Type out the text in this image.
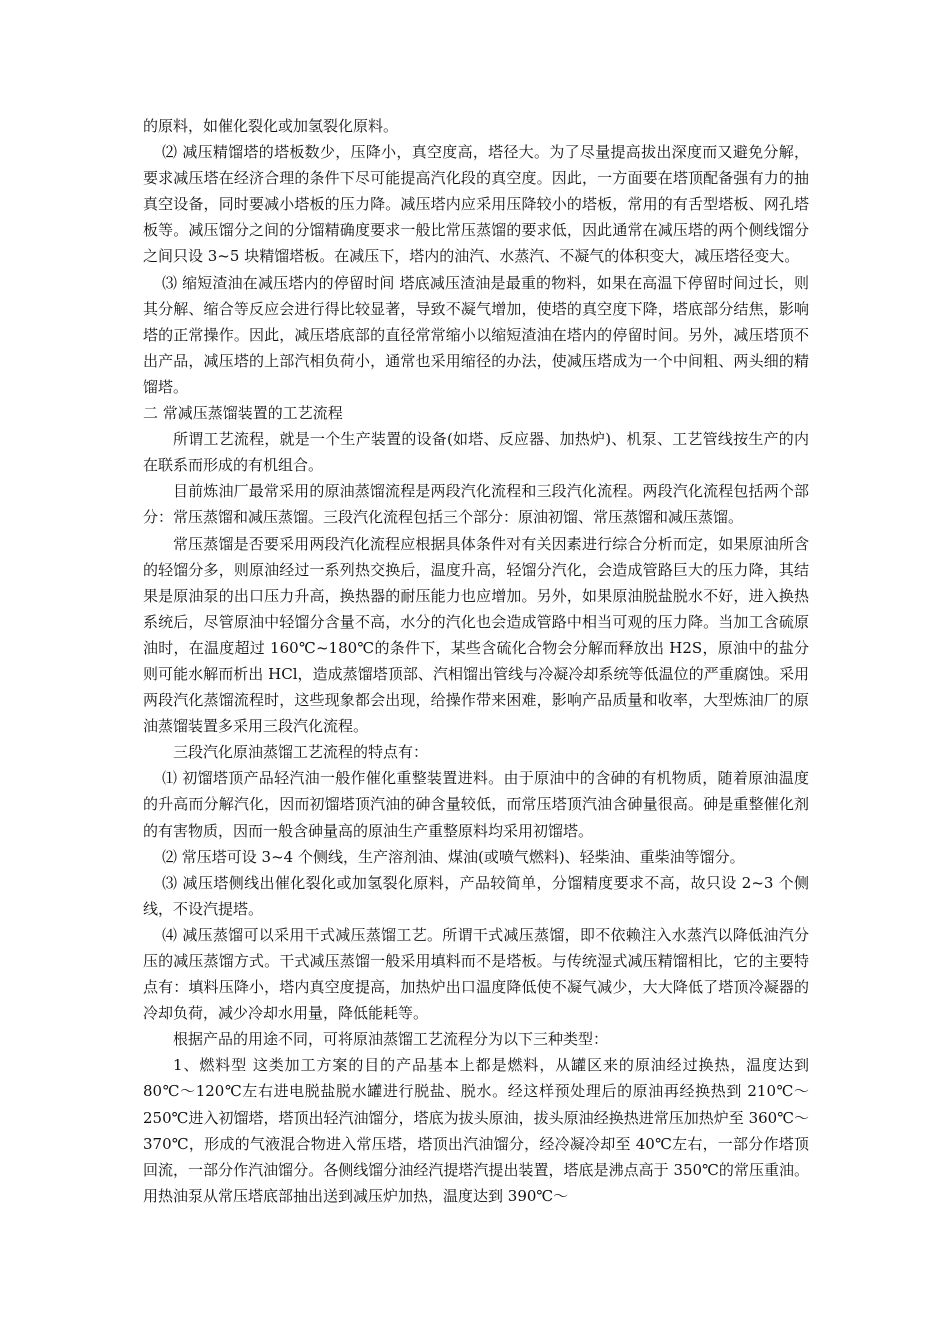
的原料，如催化裂化或加氢裂化原料。

⑵ 减压精馏塔的塔板数少，压降小，真空度高，塔径大。为了尽量提高拔出深度而又避免分解，要求减压塔在经济合理的条件下尽可能提高汽化段的真空度。因此，一方面要在塔顶配备强有力的抽真空设备，同时要减小塔板的压力降。减压塔内应采用压降较小的塔板，常用的有舌型塔板、网孔塔板等。减压馏分之间的分馏精确度要求一般比常压蒸馏的要求低，因此通常在减压塔的两个侧线馏分之间只设 3~5 块精馏塔板。在减压下，塔内的油汽、水蒸汽、不凝气的体积变大，减压塔径变大。

⑶ 缩短渣油在减压塔内的停留时间 塔底减压渣油是最重的物料，如果在高温下停留时间过长，则其分解、缩合等反应会进行得比较显著，导致不凝气增加，使塔的真空度下降，塔底部分结焦，影响塔的正常操作。因此，减压塔底部的直径常常缩小以缩短渣油在塔内的停留时间。另外，减压塔顶不出产品，减压塔的上部汽相负荷小，通常也采用缩径的办法，使减压塔成为一个中间粗、两头细的精馏塔。

二 常减压蒸馏装置的工艺流程

所谓工艺流程，就是一个生产装置的设备(如塔、反应器、加热炉)、机泵、工艺管线按生产的内在联系而形成的有机组合。

目前炼油厂最常采用的原油蒸馏流程是两段汽化流程和三段汽化流程。两段汽化流程包括两个部分：常压蒸馏和减压蒸馏。三段汽化流程包括三个部分：原油初馏、常压蒸馏和减压蒸馏。

常压蒸馏是否要采用两段汽化流程应根据具体条件对有关因素进行综合分析而定，如果原油所含的轻馏分多，则原油经过一系列热交换后，温度升高，轻馏分汽化，会造成管路巨大的压力降，其结果是原油泵的出口压力升高，换热器的耐压能力也应增加。另外，如果原油脱盐脱水不好，进入换热系统后，尽管原油中轻馏分含量不高，水分的汽化也会造成管路中相当可观的压力降。当加工含硫原油时，在温度超过 160℃~180℃的条件下，某些含硫化合物会分解而释放出 H2S，原油中的盐分则可能水解而析出 HCl，造成蒸馏塔顶部、汽相馏出管线与冷凝冷却系统等低温位的严重腐蚀。采用两段汽化蒸馏流程时，这些现象都会出现，给操作带来困难，影响产品质量和收率，大型炼油厂的原油蒸馏装置多采用三段汽化流程。

三段汽化原油蒸馏工艺流程的特点有：

⑴ 初馏塔顶产品轻汽油一般作催化重整装置进料。由于原油中的含砷的有机物质，随着原油温度的升高而分解汽化，因而初馏塔顶汽油的砷含量较低，而常压塔顶汽油含砷量很高。砷是重整催化剂的有害物质，因而一般含砷量高的原油生产重整原料均采用初馏塔。

⑵ 常压塔可设 3~4 个侧线，生产溶剂油、煤油(或喷气燃料)、轻柴油、重柴油等馏分。

⑶ 减压塔侧线出催化裂化或加氢裂化原料，产品较简单，分馏精度要求不高，故只设 2~3 个侧线，不设汽提塔。

⑷ 减压蒸馏可以采用干式减压蒸馏工艺。所谓干式减压蒸馏，即不依赖注入水蒸汽以降低油汽分压的减压蒸馏方式。干式减压蒸馏一般采用填料而不是塔板。与传统湿式减压精馏相比，它的主要特点有：填料压降小，塔内真空度提高，加热炉出口温度降低使不凝气减少，大大降低了塔顶冷凝器的冷却负荷，减少冷却水用量，降低能耗等。

根据产品的用途不同，可将原油蒸馏工艺流程分为以下三种类型：

1、燃料型 这类加工方案的目的产品基本上都是燃料，从罐区来的原油经过换热，温度达到 80℃～120℃左右进电脱盐脱水罐进行脱盐、脱水。经这样预处理后的原油再经换热到 210℃～250℃进入初馏塔，塔顶出轻汽油馏分，塔底为拔头原油，拔头原油经换热进常压加热炉至 360℃～370℃，形成的气液混合物进入常压塔，塔顶出汽油馏分，经冷凝冷却至 40℃左右，一部分作塔顶回流，一部分作汽油馏分。各侧线馏分油经汽提塔汽提出装置，塔底是沸点高于 350℃的常压重油。用热油泵从常压塔底部抽出送到减压炉加热，温度达到 390℃～
